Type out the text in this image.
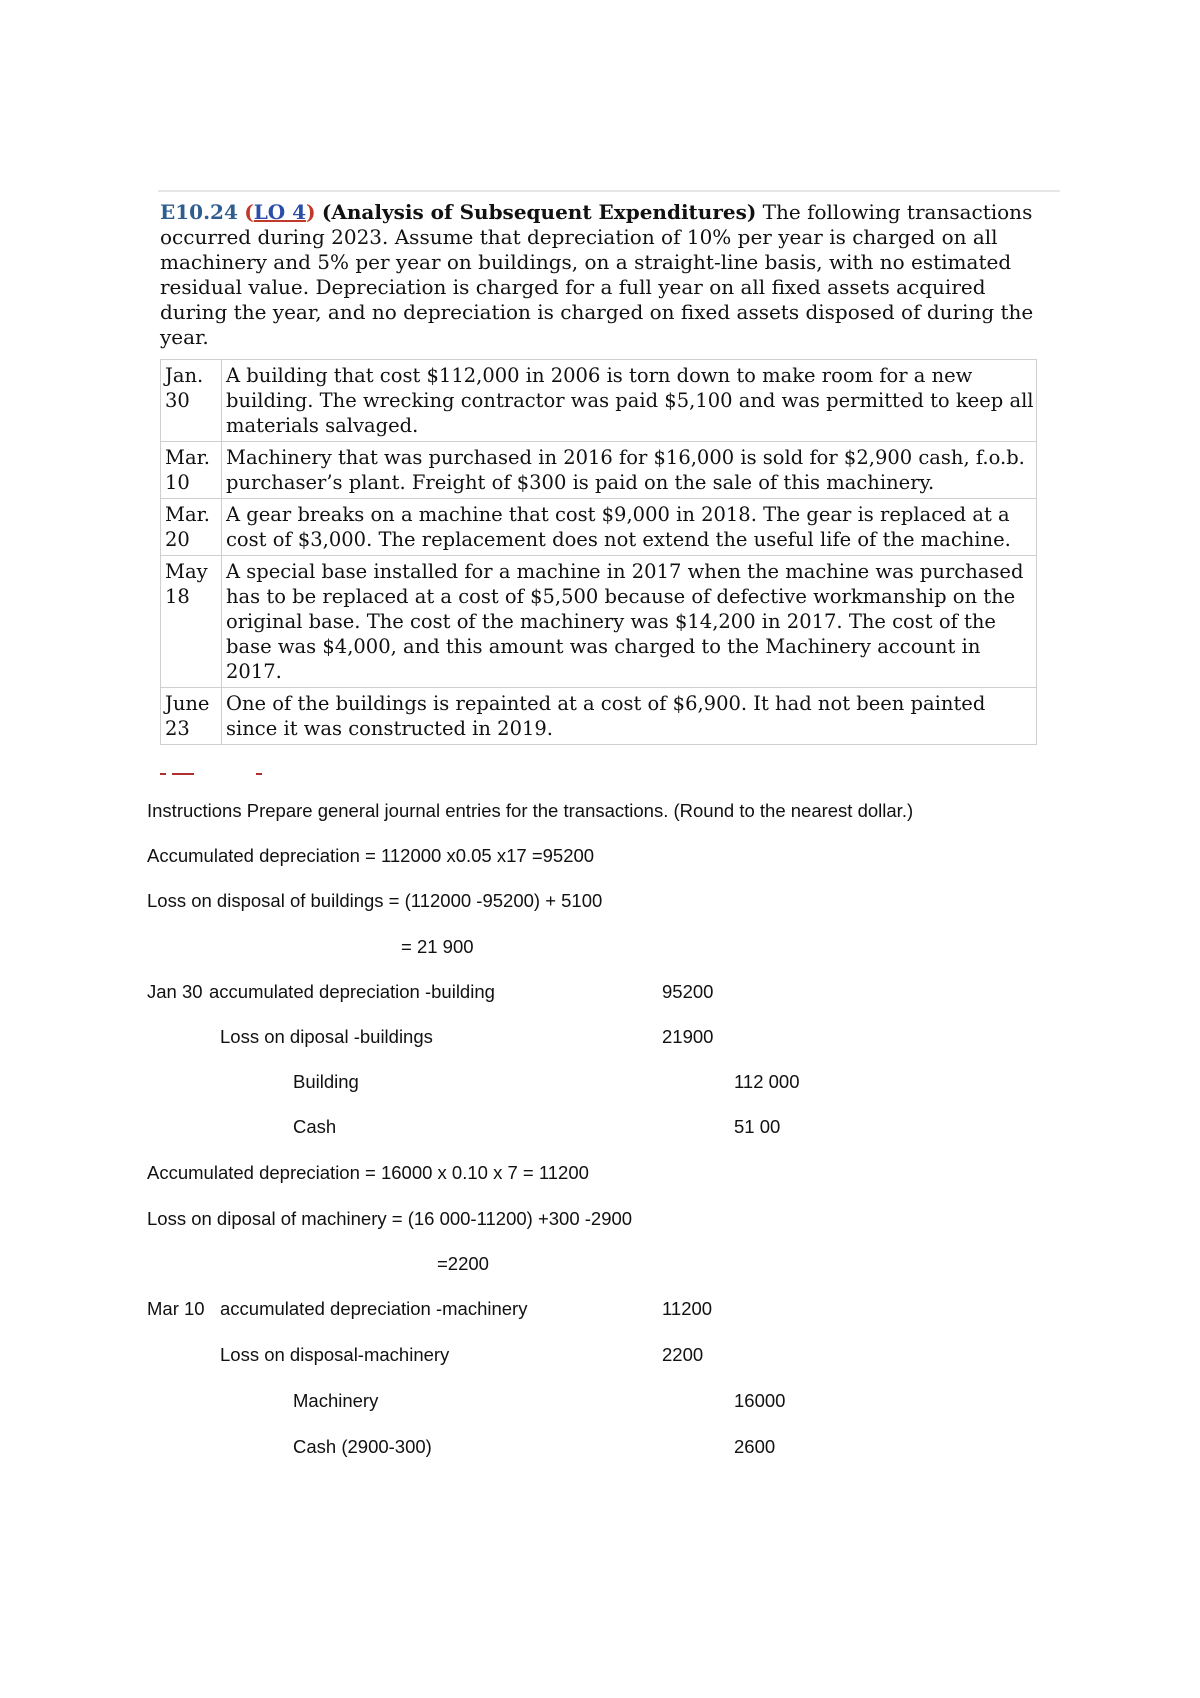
E10.24 (LO 4) (Analysis of Subsequent Expenditures) The following transactions occurred during 2023. Assume that depreciation of 10% per year is charged on all machinery and 5% per year on buildings, on a straight-line basis, with no estimated residual value. Depreciation is charged for a full year on all fixed assets acquired during the year, and no depreciation is charged on fixed assets disposed of during the year.
Jan.
30	A building that cost $112,000 in 2006 is torn down to make room for a new building. The wrecking contractor was paid $5,100 and was permitted to keep all materials salvaged.

Mar.
10	Machinery that was purchased in 2016 for $16,000 is sold for $2,900 cash, f.o.b. purchaser’s plant. Freight of $300 is paid on the sale of this machinery.

Mar.
20	A gear breaks on a machine that cost $9,000 in 2018. The gear is replaced at a cost of $3,000. The replacement does not extend the useful life of the machine.

May
18	A special base installed for a machine in 2017 when the machine was purchased has to be replaced at a cost of $5,500 because of defective workmanship on the original base. The cost of the machinery was $14,200 in 2017. The cost of the base was $4,000, and this amount was charged to the Machinery account in 2017.

June
23	One of the buildings is repainted at a cost of $6,900. It had not been painted since it was constructed in 2019.
Instructions Prepare general journal entries for the transactions. (Round to the nearest dollar.)
Accumulated depreciation = 112000 x0.05 x17 =95200
Loss on disposal of buildings = (112000 -95200) + 5100
= 21 900
Jan 30 accumulated depreciation -building	95200
Loss on diposal -buildings	21900
Building	112 000
Cash	51 00
Accumulated depreciation = 16000 x 0.10 x 7 = 11200
Loss on diposal of machinery = (16 000-11200) +300 -2900
=2200
Mar 10 accumulated depreciation -machinery	11200
Loss on disposal-machinery	2200
Machinery	16000
Cash (2900-300)	2600
